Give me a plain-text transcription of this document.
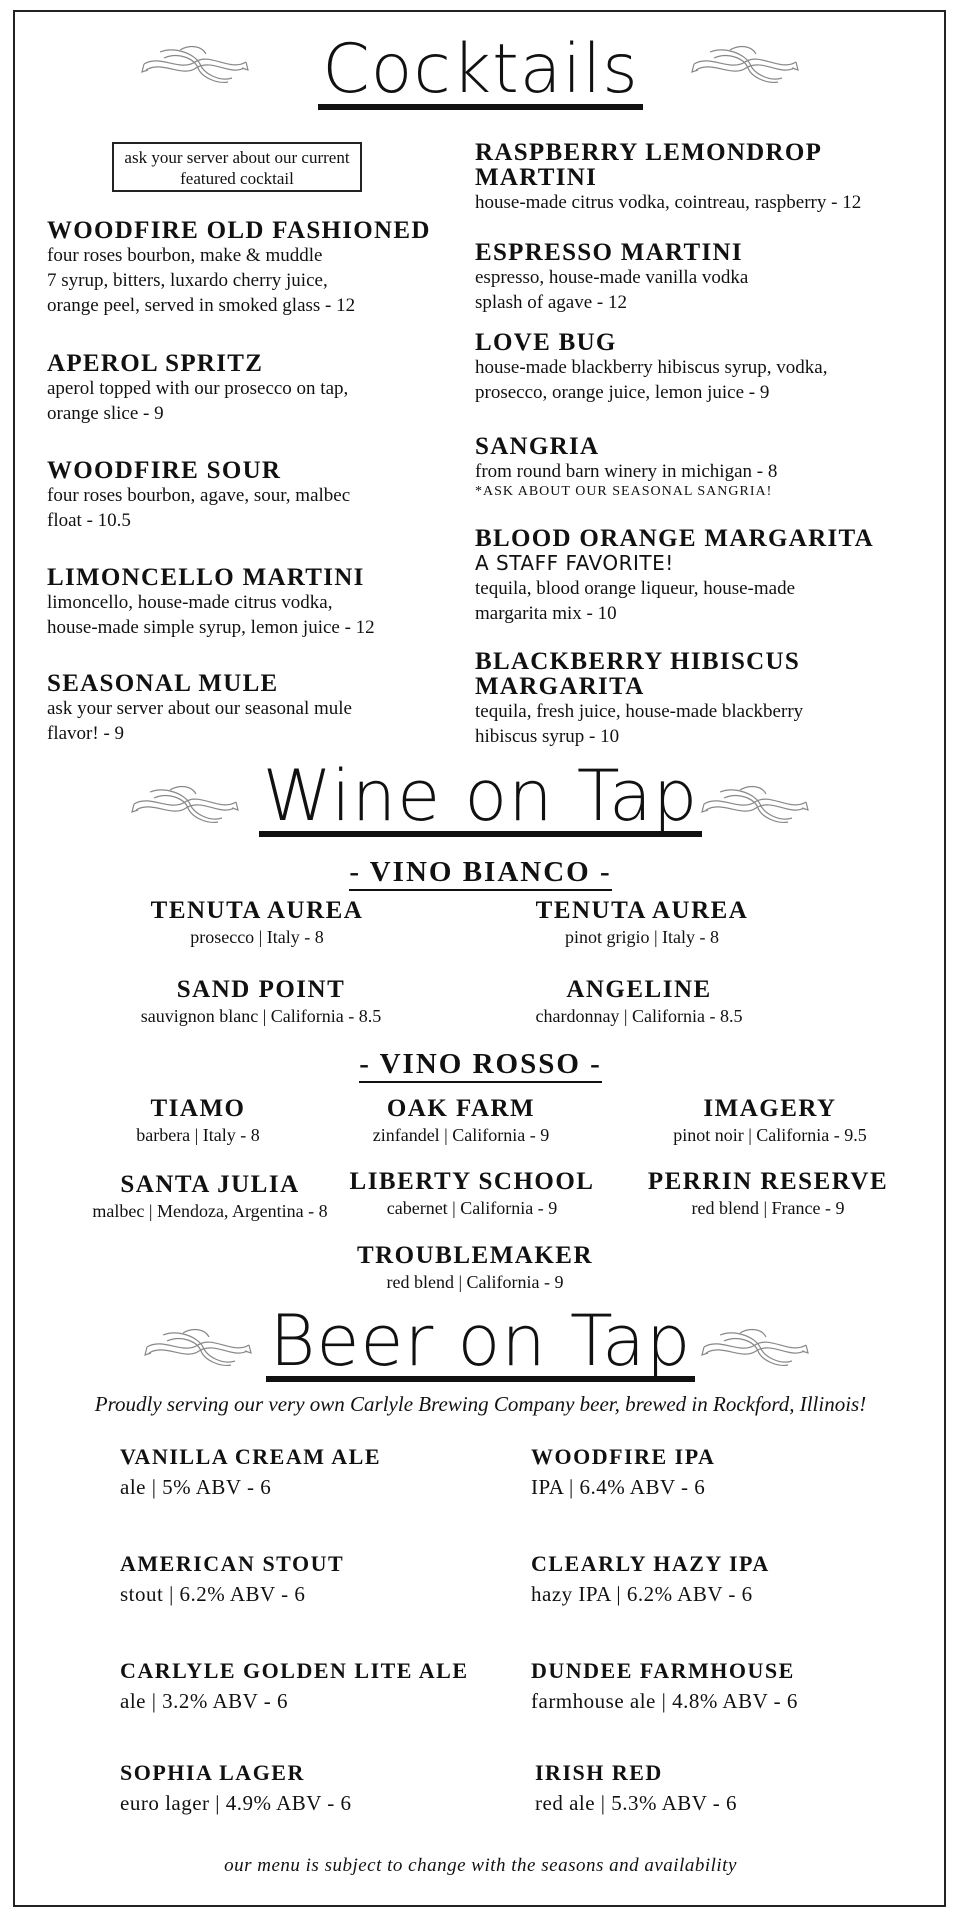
Cocktails
ask your server about our current featured cocktail
WOODFIRE OLD FASHIONED
four roses bourbon, make & muddle
7 syrup, bitters, luxardo cherry juice,
orange peel, served in smoked glass - 12
APEROL SPRITZ
aperol topped with our prosecco on tap,
orange slice - 9
WOODFIRE SOUR
four roses bourbon, agave, sour, malbec
float - 10.5
LIMONCELLO MARTINI
limoncello, house-made citrus vodka,
house-made simple syrup, lemon juice - 12
SEASONAL MULE
ask your server about our seasonal mule
flavor! - 9
RASPBERRY LEMONDROP
MARTINI
house-made citrus vodka, cointreau, raspberry - 12
ESPRESSO MARTINI
espresso, house-made vanilla vodka
splash of agave - 12
LOVE BUG
house-made blackberry hibiscus syrup, vodka,
prosecco, orange juice, lemon juice - 9
SANGRIA
from round barn winery in michigan - 8
*ASK ABOUT OUR SEASONAL SANGRIA!
BLOOD ORANGE MARGARITA
A STAFF FAVORITE!
tequila, blood orange liqueur, house-made
margarita mix - 10
BLACKBERRY HIBISCUS
MARGARITA
tequila, fresh juice, house-made blackberry
hibiscus syrup - 10
Wine on Tap
- VINO BIANCO -
TENUTA AUREA
prosecco | Italy - 8
TENUTA AUREA
pinot grigio | Italy - 8
SAND POINT
sauvignon blanc | California - 8.5
ANGELINE
chardonnay | California - 8.5
- VINO ROSSO -
TIAMO
barbera | Italy - 8
OAK FARM
zinfandel | California - 9
IMAGERY
pinot noir | California - 9.5
SANTA JULIA
malbec | Mendoza, Argentina - 8
LIBERTY SCHOOL
cabernet | California - 9
PERRIN RESERVE
red blend | France - 9
TROUBLEMAKER
red blend | California - 9
Beer on Tap
Proudly serving our very own Carlyle Brewing Company beer, brewed in Rockford, Illinois!
VANILLA CREAM ALE
ale | 5% ABV - 6
WOODFIRE IPA
IPA | 6.4% ABV - 6
AMERICAN STOUT
stout | 6.2% ABV - 6
CLEARLY HAZY IPA
hazy IPA | 6.2% ABV - 6
CARLYLE GOLDEN LITE ALE
ale | 3.2% ABV - 6
DUNDEE FARMHOUSE
farmhouse ale | 4.8% ABV - 6
SOPHIA LAGER
euro lager | 4.9% ABV - 6
IRISH RED
red ale | 5.3% ABV - 6
our menu is subject to change with the seasons and availability
